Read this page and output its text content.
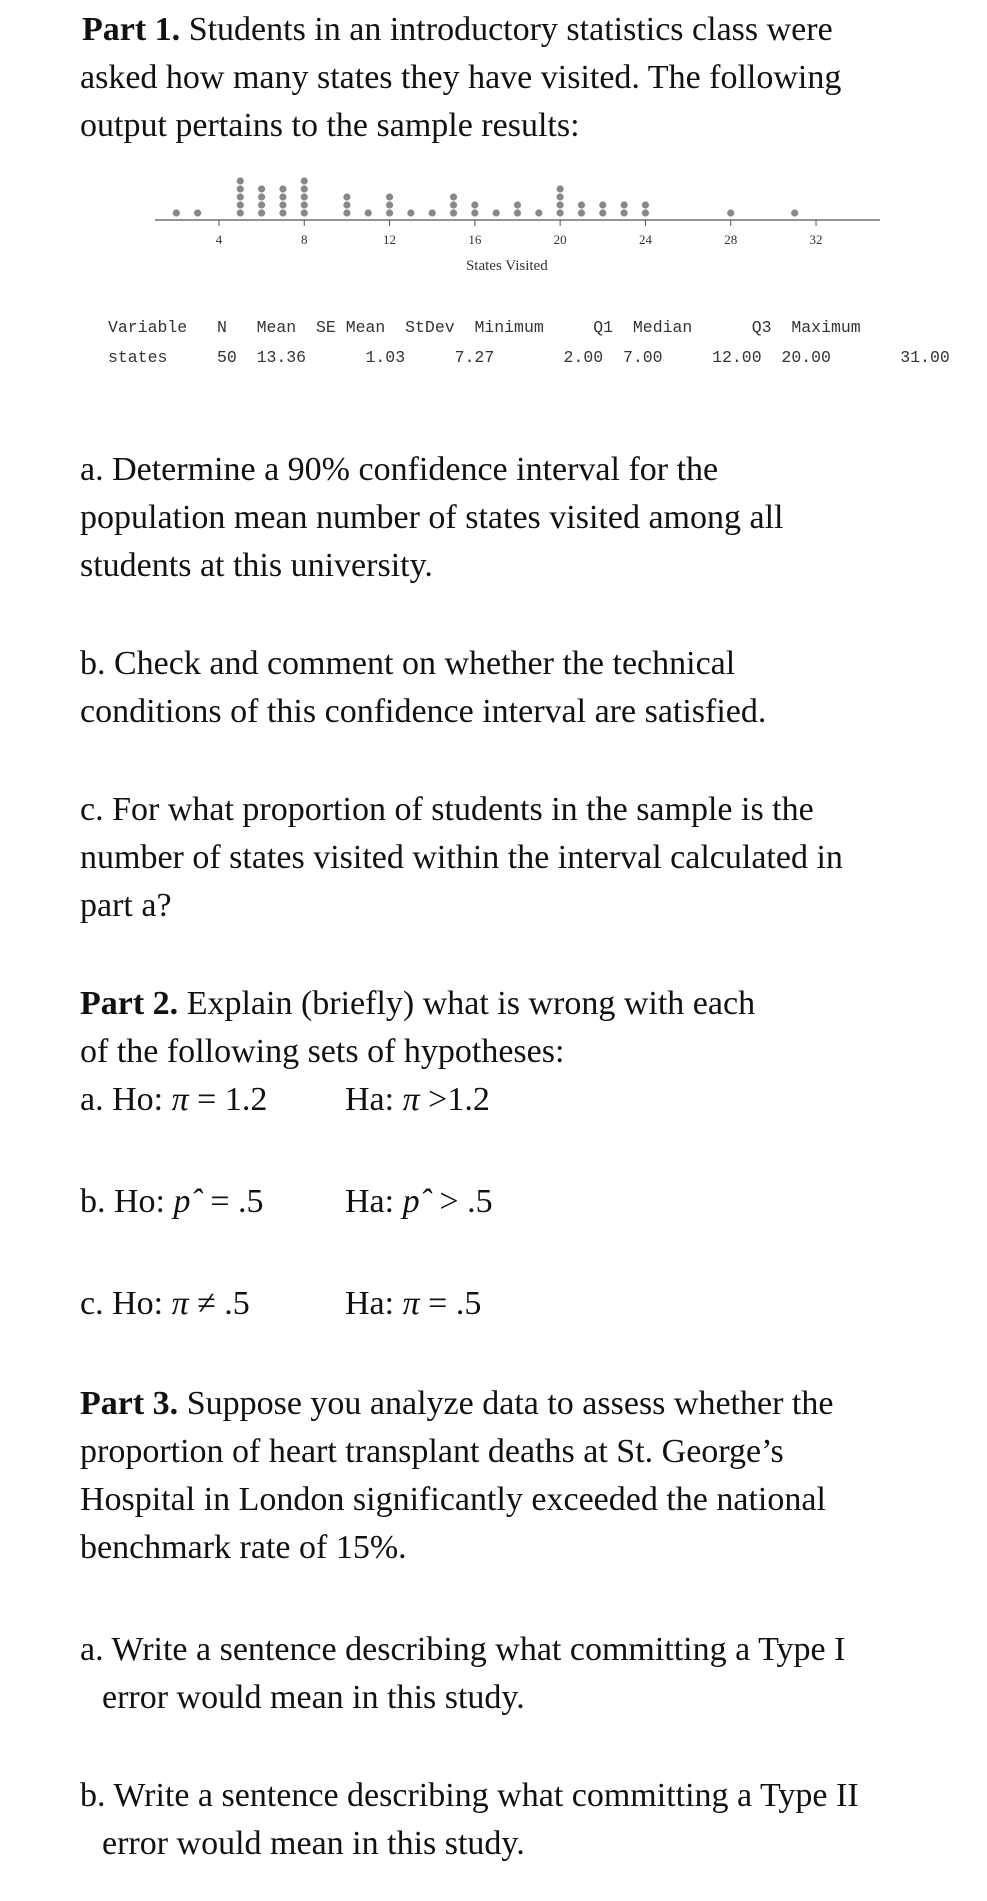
Part 1. Students in an introductory statistics class were
asked how many states they have visited. The following
output pertains to the sample results:
4	8	12	16	20	24	28	32
States Visited
Variable N Mean SE Mean StDev Minimum	Q1 Median	Q3 Maximum
states	50 13.36	1.03	7.27	2.00 7.00	12.00 20.00	31.00
a. Determine a 90% confidence interval for the
population mean number of states visited among all
students at this university.
b. Check and comment on whether the technical
conditions of this confidence interval are satisfied.
c. For what proportion of students in the sample is the
number of states visited within the interval calculated in
part a?
Part 2. Explain (briefly) what is wrong with each
of the following sets of hypotheses:
a. Ho: π = 1.2 Ha: π >1.2
b. Ho: pˆ = .5 Ha: pˆ > .5
c. Ho: π ≠ .5	Ha: π = .5
Part 3. Suppose you analyze data to assess whether the
proportion of heart transplant deaths at St. George’s
Hospital in London significantly exceeded the national
benchmark rate of 15%.
a. Write a sentence describing what committing a Type I
error would mean in this study.
b. Write a sentence describing what committing a Type II
error would mean in this study.
